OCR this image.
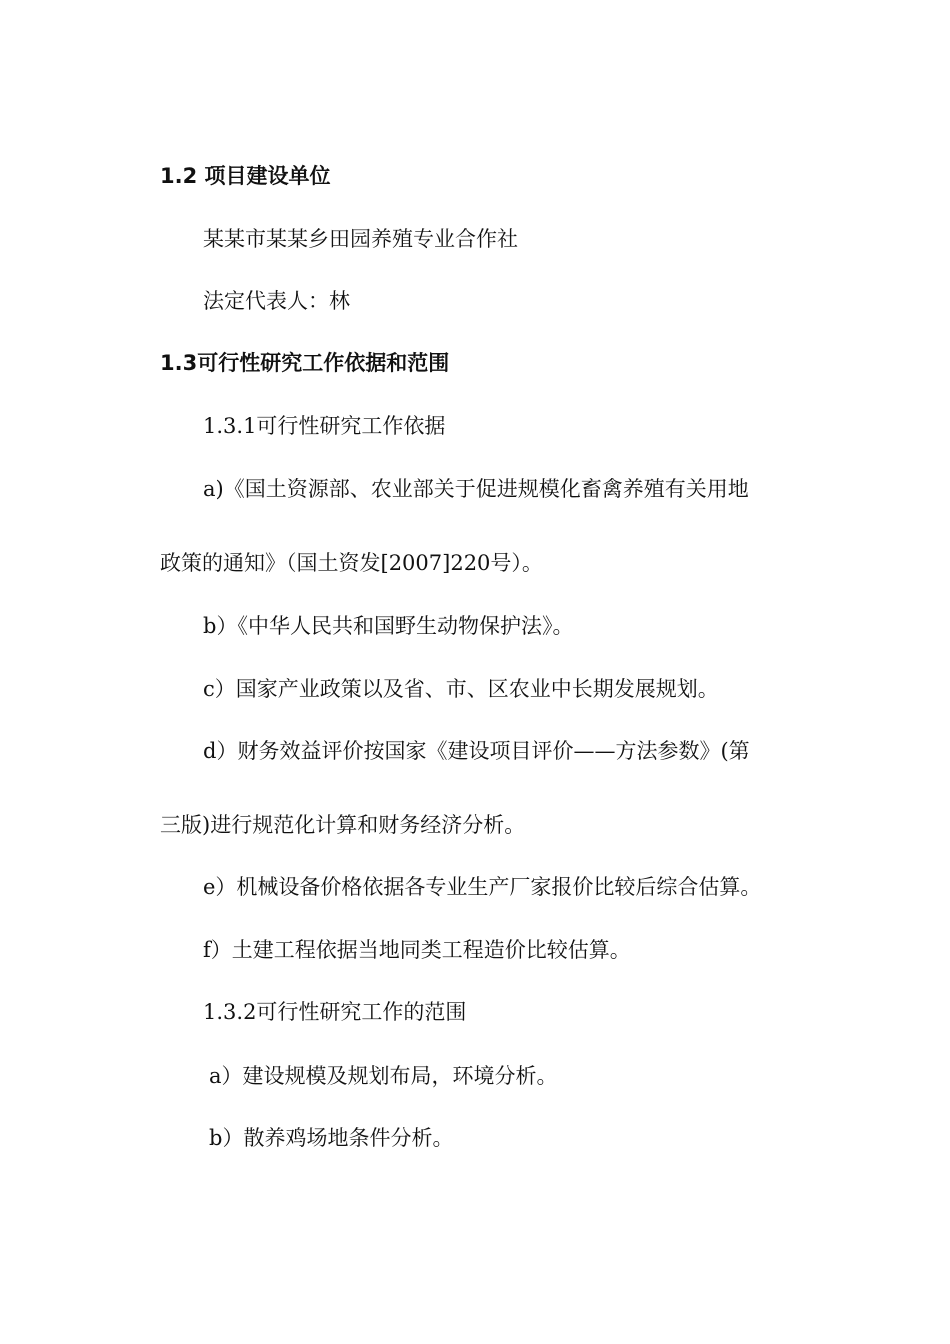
1.2 项目建设单位
某某市某某乡田园养殖专业合作社
法定代表人：林
1.3可行性研究工作依据和范围
1.3.1可行性研究工作依据
a)《国土资源部、农业部关于促进规模化畜禽养殖有关用地
政策的通知》（国土资发[2007]220号）。
b）《中华人民共和国野生动物保护法》。
c）国家产业政策以及省、市、区农业中长期发展规划。
d）财务效益评价按国家《建设项目评价——方法参数》(第
三版)进行规范化计算和财务经济分析。
e）机械设备价格依据各专业生产厂家报价比较后综合估算。
f）土建工程依据当地同类工程造价比较估算。
1.3.2可行性研究工作的范围
a）建设规模及规划布局，环境分析。
b）散养鸡场地条件分析。
